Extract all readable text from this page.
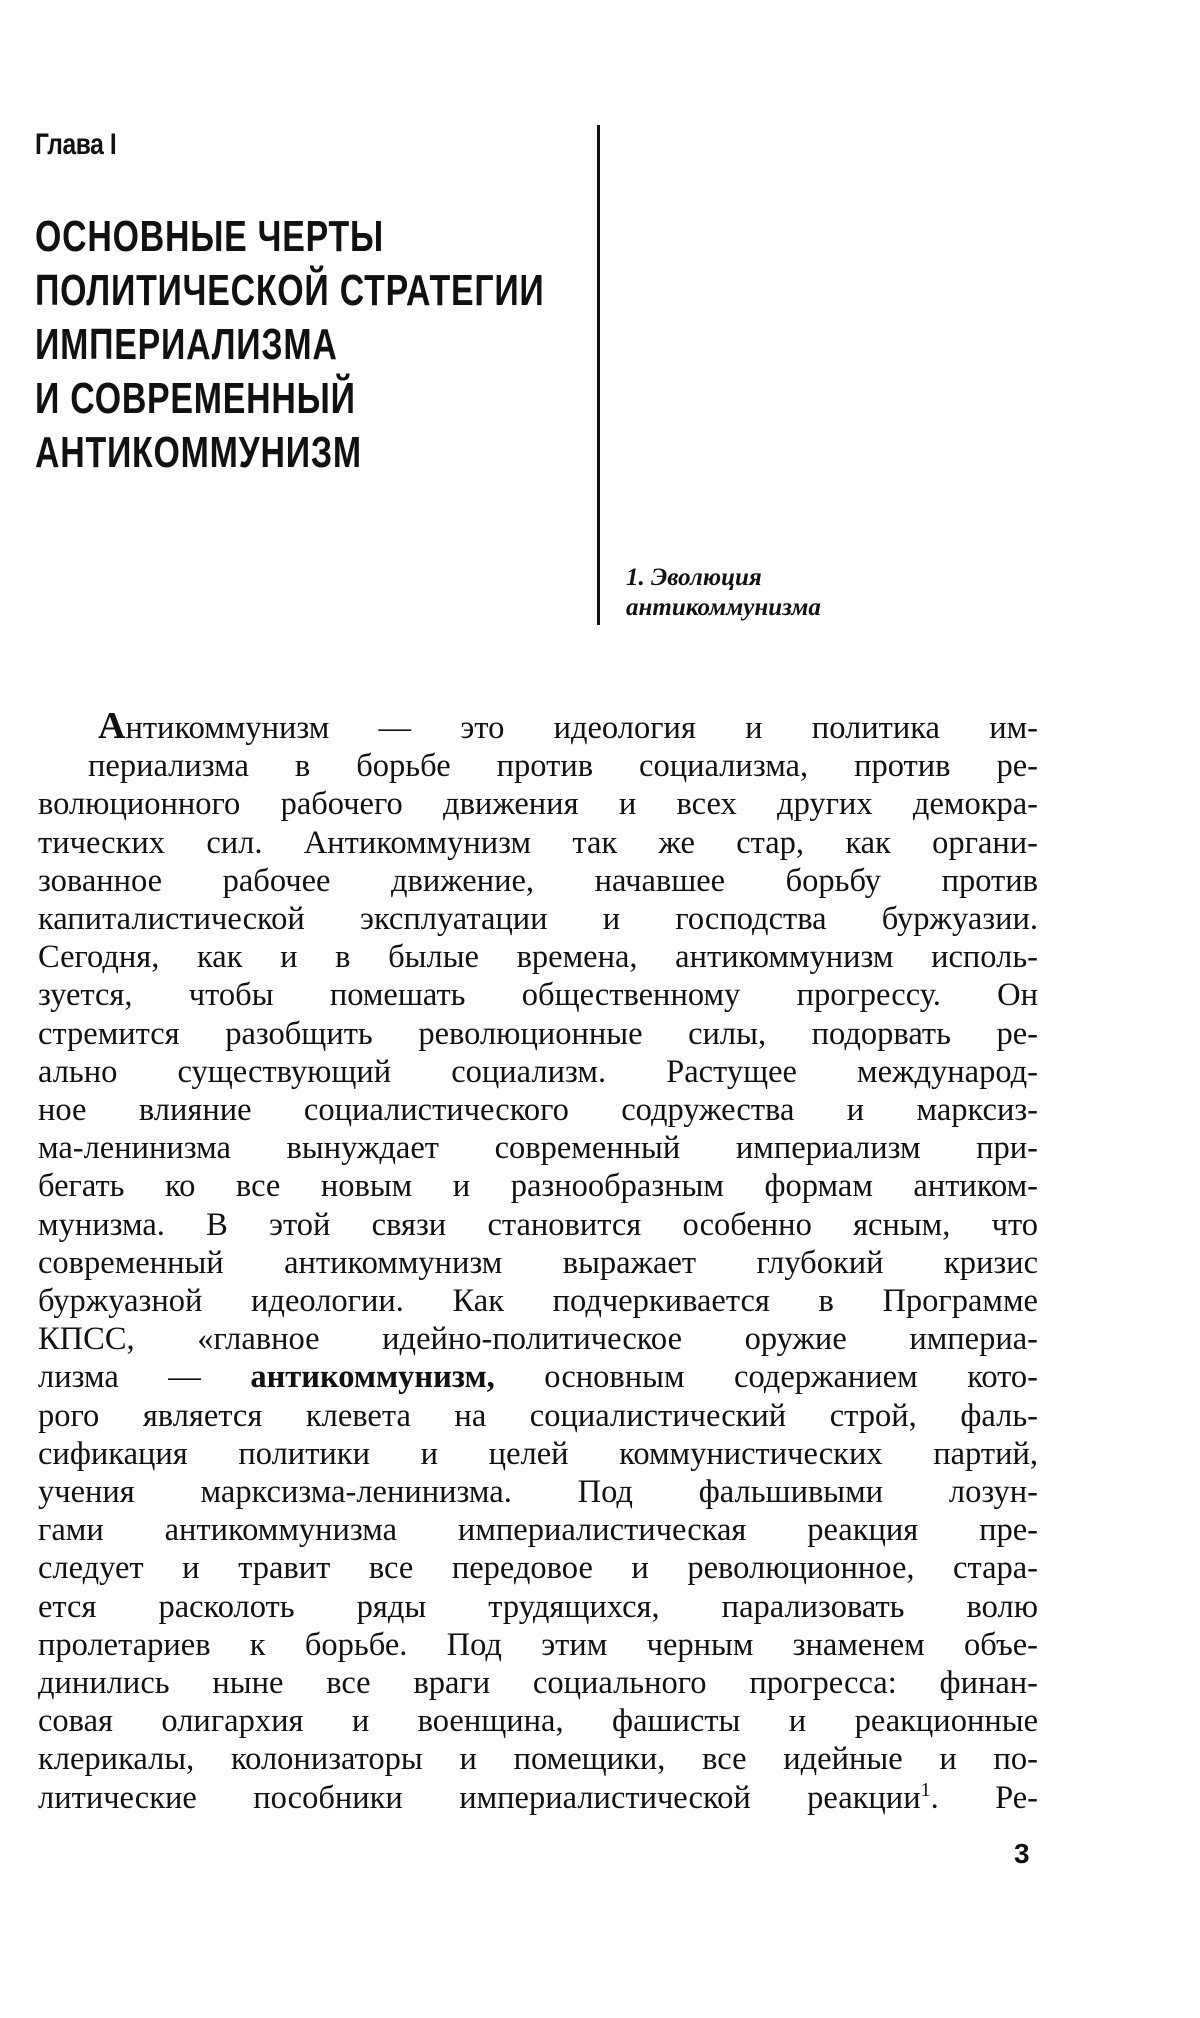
Глава I
ОСНОВНЫЕ ЧЕРТЫ
ПОЛИТИЧЕСКОЙ СТРАТЕГИИ
ИМПЕРИАЛИЗМА
И СОВРЕМЕННЫЙ
АНТИКОММУНИЗМ
1. Эволюция
антикоммунизма
Антикоммунизм — это идеология и политика им-
периализма в борьбе против социализма, против ре-
волюционного рабочего движения и всех других демокра-
тических сил. Антикоммунизм так же стар, как органи-
зованное рабочее движение, начавшее борьбу против
капиталистической эксплуатации и господства буржуазии.
Сегодня, как и в былые времена, антикоммунизм исполь-
зуется, чтобы помешать общественному прогрессу. Он
стремится разобщить революционные силы, подорвать ре-
ально существующий социализм. Растущее международ-
ное влияние социалистического содружества и марксиз-
ма-ленинизма вынуждает современный империализм при-
бегать ко все новым и разнообразным формам антиком-
мунизма. В этой связи становится особенно ясным, что
современный антикоммунизм выражает глубокий кризис
буржуазной идеологии. Как подчеркивается в Программе
КПСС, «главное идейно-политическое оружие империа-
лизма — антикоммунизм, основным содержанием кото-
рого является клевета на социалистический строй, фаль-
сификация политики и целей коммунистических партий,
учения марксизма-ленинизма. Под фальшивыми лозун-
гами антикоммунизма империалистическая реакция пре-
следует и травит все передовое и революционное, стара-
ется расколоть ряды трудящихся, парализовать волю
пролетариев к борьбе. Под этим черным знаменем объе-
динились ныне все враги социального прогресса: финан-
совая олигархия и военщина, фашисты и реакционные
клерикалы, колонизаторы и помещики, все идейные и по-
литические пособники империалистической реакции$^1$. Ре-
3
